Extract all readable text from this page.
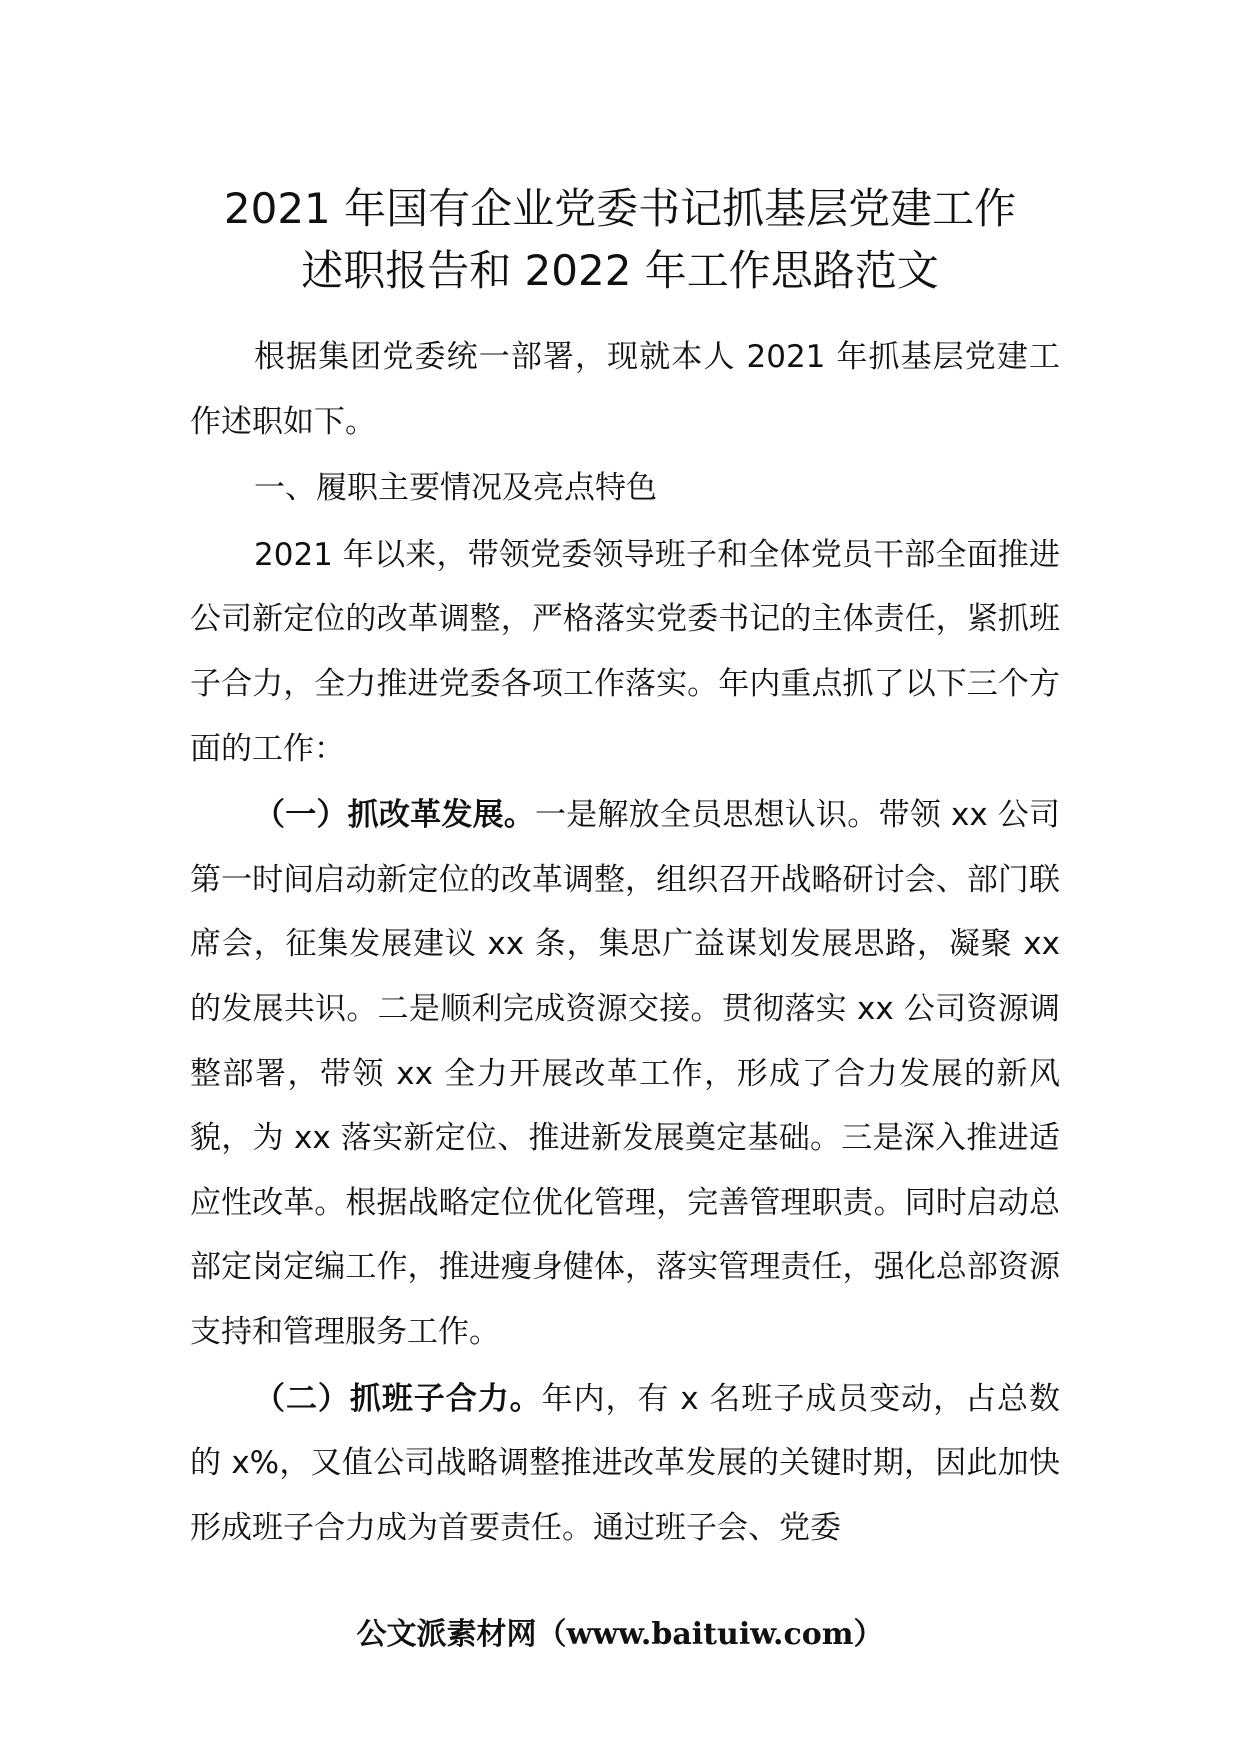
2021 年国有企业党委书记抓基层党建工作
述职报告和 2022 年工作思路范文

根据集团党委统一部署，现就本人 2021 年抓基层党建工作述职如下。

一、履职主要情况及亮点特色

2021 年以来，带领党委领导班子和全体党员干部全面推进公司新定位的改革调整，严格落实党委书记的主体责任，紧抓班子合力，全力推进党委各项工作落实。年内重点抓了以下三个方面的工作：

（一）抓改革发展。一是解放全员思想认识。带领 xx 公司第一时间启动新定位的改革调整，组织召开战略研讨会、部门联席会，征集发展建议 xx 条，集思广益谋划发展思路，凝聚 xx 的发展共识。二是顺利完成资源交接。贯彻落实 xx 公司资源调整部署，带领 xx 全力开展改革工作，形成了合力发展的新风貌，为 xx 落实新定位、推进新发展奠定基础。三是深入推进适应性改革。根据战略定位优化管理，完善管理职责。同时启动总部定岗定编工作，推进瘦身健体，落实管理责任，强化总部资源支持和管理服务工作。

（二）抓班子合力。年内，有 x 名班子成员变动，占总数的 x%，又值公司战略调整推进改革发展的关键时期，因此加快形成班子合力成为首要责任。通过班子会、党委

公文派素材网（www.baituiw.com）
